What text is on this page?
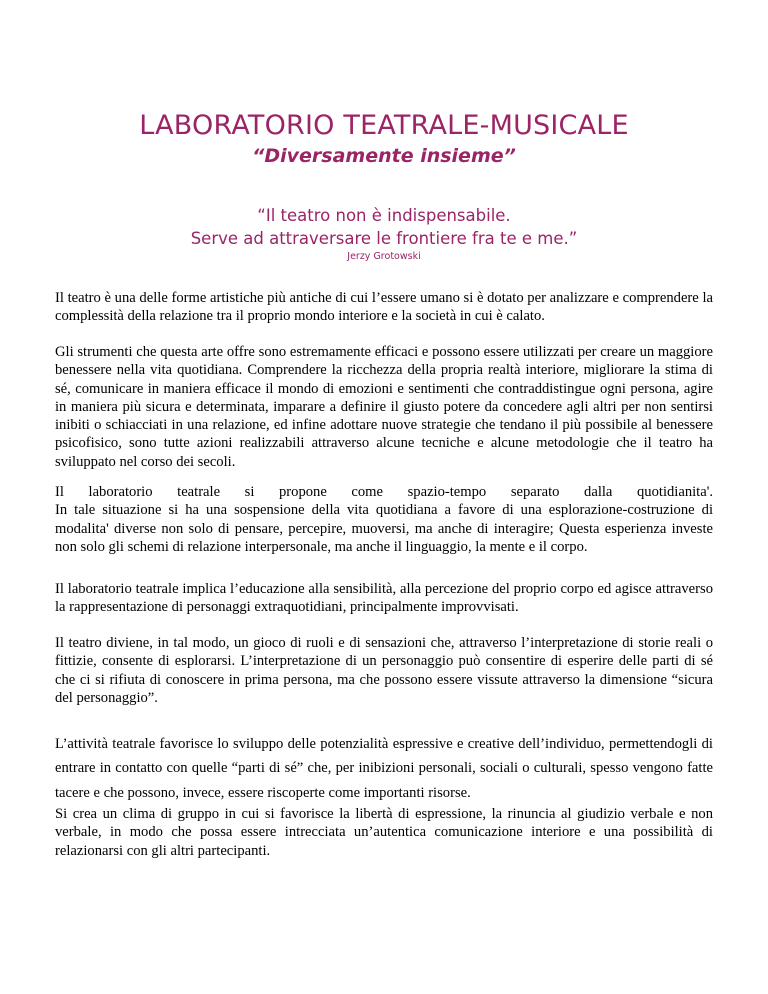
LABORATORIO TEATRALE-MUSICALE
“Diversamente insieme”
“Il teatro non è indispensabile.
Serve ad attraversare le frontiere fra te e me.”
Jerzy Grotowski

Il teatro è una delle forme artistiche più antiche di cui l’essere umano si è dotato per analizzare e comprendere la complessità della relazione tra il proprio mondo interiore e la società in cui è calato.

Gli strumenti che questa arte offre sono estremamente efficaci e possono essere utilizzati per creare un maggiore benessere nella vita quotidiana. Comprendere la ricchezza della propria realtà interiore, migliorare la stima di sé, comunicare in maniera efficace il mondo di emozioni e sentimenti che contraddistingue ogni persona, agire in maniera più sicura e determinata, imparare a definire il giusto potere da concedere agli altri per non sentirsi inibiti o schiacciati in una relazione, ed infine adottare nuove strategie che tendano il più possibile al benessere psicofisico, sono tutte azioni realizzabili attraverso alcune tecniche e alcune metodologie che il teatro ha sviluppato nel corso dei secoli.

Il laboratorio teatrale si propone come spazio-tempo separato dalla quotidianita'.
In tale situazione si ha una sospensione della vita quotidiana a favore di una esplorazione-costruzione di modalita' diverse non solo di pensare, percepire, muoversi, ma anche di interagire; Questa esperienza investe non solo gli schemi di relazione interpersonale, ma anche il linguaggio, la mente e il corpo.

Il laboratorio teatrale implica l’educazione alla sensibilità, alla percezione del proprio corpo ed agisce attraverso la rappresentazione di personaggi extraquotidiani, principalmente improvvisati.

Il teatro diviene, in tal modo, un gioco di ruoli e di sensazioni che, attraverso l’interpretazione di storie reali o fittizie, consente di esplorarsi. L’interpretazione di un personaggio può consentire di esperire delle parti di sé che ci si rifiuta di conoscere in prima persona, ma che possono essere vissute attraverso la dimensione “sicura del personaggio”.

L’attività teatrale favorisce lo sviluppo delle potenzialità espressive e creative dell’individuo, permettendogli di entrare in contatto con quelle “parti di sé” che, per inibizioni personali, sociali o culturali, spesso vengono fatte tacere e che possono, invece, essere riscoperte come importanti risorse.

Si crea un clima di gruppo in cui si favorisce la libertà di espressione, la rinuncia al giudizio verbale e non verbale, in modo che possa essere intrecciata un’autentica comunicazione interiore e una possibilità di relazionarsi con gli altri partecipanti.
